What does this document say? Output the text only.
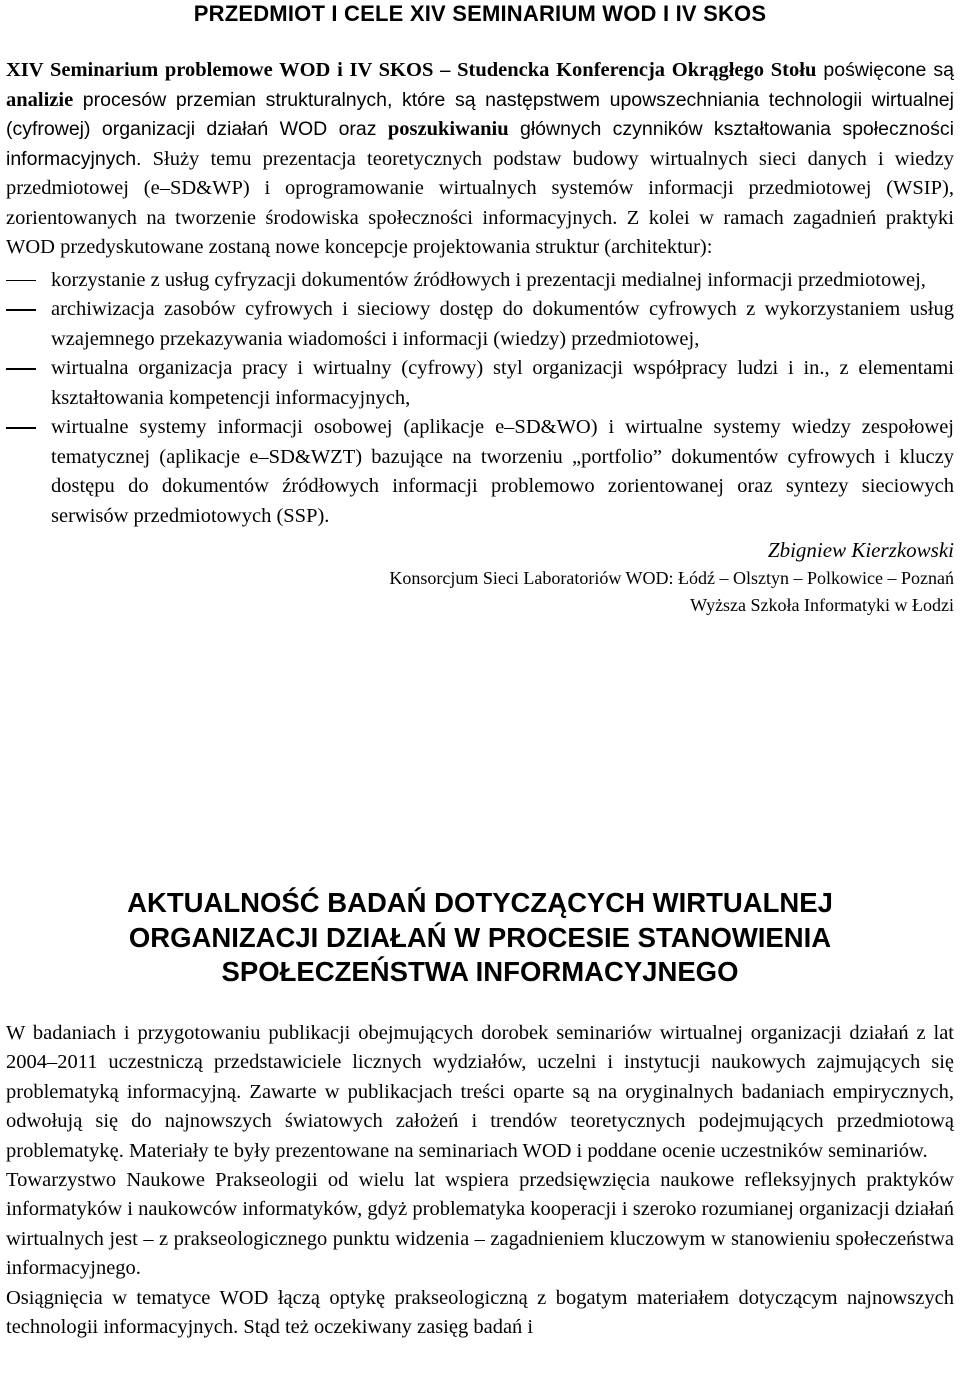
PRZEDMIOT I CELE XIV SEMINARIUM WOD I IV SKOS

XIV Seminarium problemowe WOD i IV SKOS – Studencka Konferencja Okrągłego Stołu poświęcone są analizie procesów przemian strukturalnych, które są następstwem upowszechniania technologii wirtualnej (cyfrowej) organizacji działań WOD oraz poszukiwaniu głównych czynników kształtowania społeczności informacyjnych. Służy temu prezentacja teoretycznych podstaw budowy wirtualnych sieci danych i wiedzy przedmiotowej (e–SD&WP) i oprogramowanie wirtualnych systemów informacji przedmiotowej (WSIP), zorientowanych na tworzenie środowiska społeczności informacyjnych. Z kolei w ramach zagadnień praktyki WOD przedyskutowane zostaną nowe koncepcje projektowania struktur (architektur):

korzystanie z usług cyfryzacji dokumentów źródłowych i prezentacji medialnej informacji przedmiotowej,
archiwizacja zasobów cyfrowych i sieciowy dostęp do dokumentów cyfrowych z wykorzystaniem usług wzajemnego przekazywania wiadomości i informacji (wiedzy) przedmiotowej,
wirtualna organizacja pracy i wirtualny (cyfrowy) styl organizacji współpracy ludzi i in., z elementami kształtowania kompetencji informacyjnych,
wirtualne systemy informacji osobowej (aplikacje e–SD&WO) i wirtualne systemy wiedzy zespołowej tematycznej (aplikacje e–SD&WZT) bazujące na tworzeniu „portfolio” dokumentów cyfrowych i kluczy dostępu do dokumentów źródłowych informacji problemowo zorientowanej oraz syntezy sieciowych serwisów przedmiotowych (SSP).

Zbigniew Kierzkowski

Konsorcjum Sieci Laboratoriów WOD: Łódź – Olsztyn – Polkowice – Poznań

Wyższa Szkoła Informatyki w Łodzi

AKTUALNOŚĆ BADAŃ DOTYCZĄCYCH WIRTUALNEJ
ORGANIZACJI DZIAŁAŃ W PROCESIE STANOWIENIA
SPOŁECZEŃSTWA INFORMACYJNEGO

W badaniach i przygotowaniu publikacji obejmujących dorobek seminariów wirtualnej organizacji działań z lat 2004–2011 uczestniczą przedstawiciele licznych wydziałów, uczelni i instytucji naukowych zajmujących się problematyką informacyjną. Zawarte w publikacjach treści oparte są na oryginalnych badaniach empirycznych, odwołują się do najnowszych światowych założeń i trendów teoretycznych podejmujących przedmiotową problematykę. Materiały te były prezentowane na seminariach WOD i poddane ocenie uczestników seminariów.

Towarzystwo Naukowe Prakseologii od wielu lat wspiera przedsięwzięcia naukowe refleksyjnych praktyków informatyków i naukowców informatyków, gdyż problematyka kooperacji i szeroko rozumianej organizacji działań wirtualnych jest – z prakseologicznego punktu widzenia – zagadnieniem kluczowym w stanowieniu społeczeństwa informacyjnego.

Osiągnięcia w tematyce WOD łączą optykę prakseologiczną z bogatym materiałem dotyczącym najnowszych technologii informacyjnych. Stąd też oczekiwany zasięg badań i
